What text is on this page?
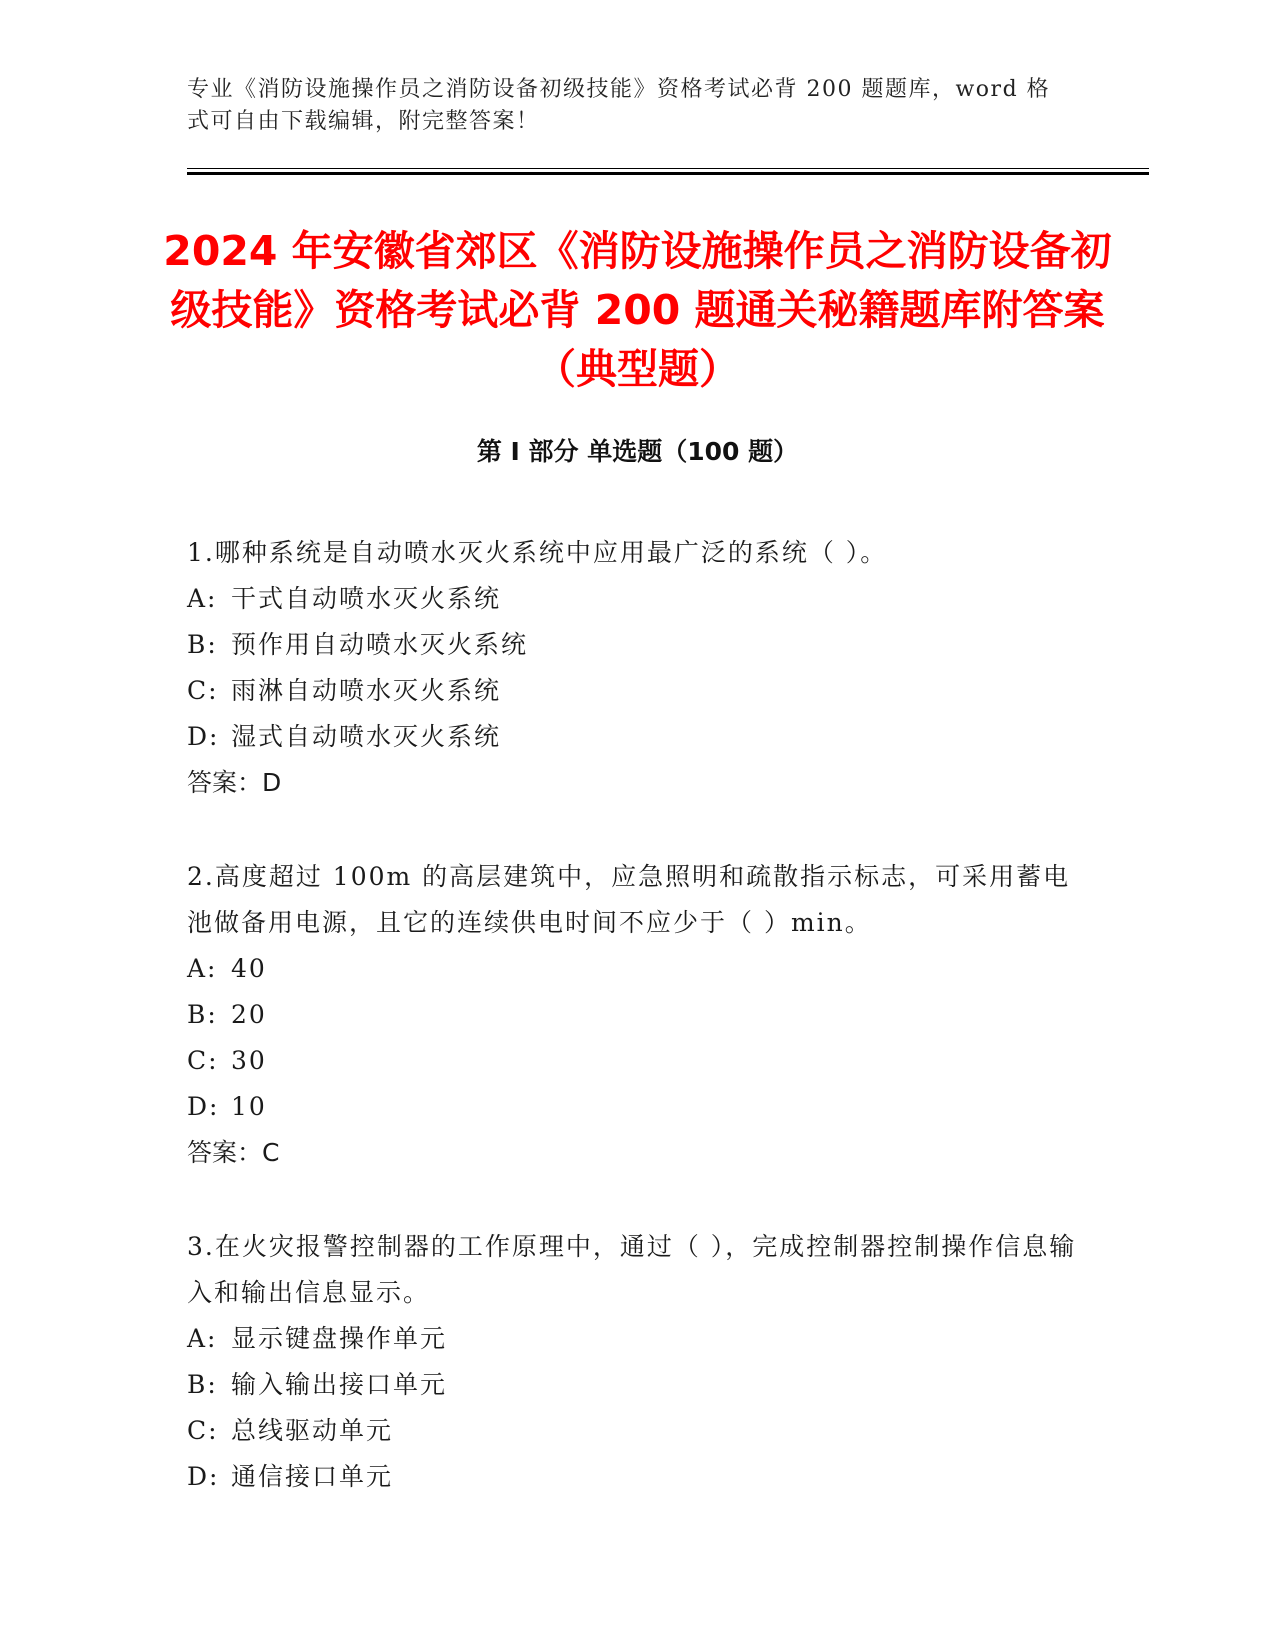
专业《消防设施操作员之消防设备初级技能》资格考试必背 200 题题库，word 格式可自由下载编辑，附完整答案！
2024 年安徽省郊区《消防设施操作员之消防设备初级技能》资格考试必背 200 题通关秘籍题库附答案（典型题）
第 I 部分 单选题（100 题）
1.哪种系统是自动喷水灭火系统中应用最广泛的系统（ ）。
A: 干式自动喷水灭火系统
B: 预作用自动喷水灭火系统
C: 雨淋自动喷水灭火系统
D: 湿式自动喷水灭火系统
答案：D
2.高度超过 100m 的高层建筑中，应急照明和疏散指示标志，可采用蓄电池做备用电源，且它的连续供电时间不应少于（ ）min。
A: 40
B: 20
C: 30
D: 10
答案：C
3.在火灾报警控制器的工作原理中，通过（ ），完成控制器控制操作信息输入和输出信息显示。
A: 显示键盘操作单元
B: 输入输出接口单元
C: 总线驱动单元
D: 通信接口单元
